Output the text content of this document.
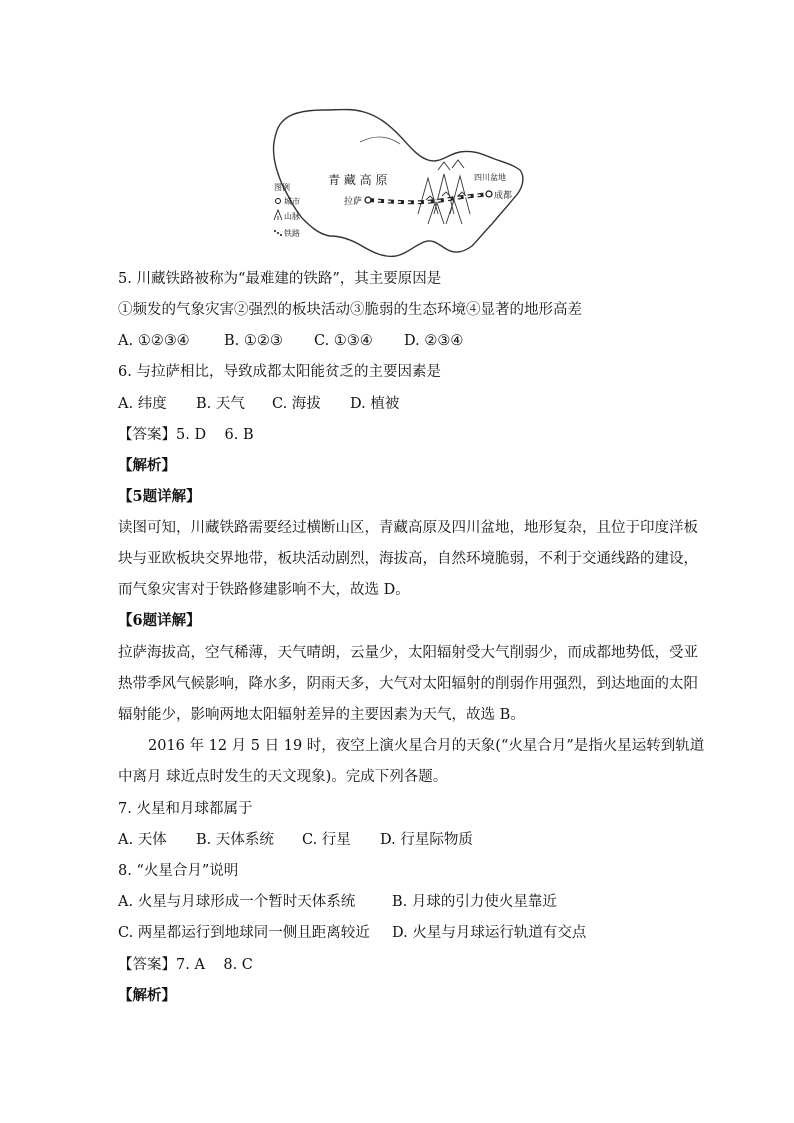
青 藏 高 原	四川盆地
拉萨
成都
图例
城市
山脉
铁路
5. 川藏铁路被称为“最难建的铁路”，其主要原因是
①频发的气象灾害②强烈的板块活动③脆弱的生态环境④显著的地形高差
A. ①②③④ B. ①②③ C. ①③④ D. ②③④
6. 与拉萨相比，导致成都太阳能贫乏的主要因素是
A. 纬度 B. 天气 C. 海拔 D. 植被
【答案】5. D    6. B
【解析】
【5题详解】
读图可知，川藏铁路需要经过横断山区，青藏高原及四川盆地，地形复杂，且位于印度洋板
块与亚欧板块交界地带，板块活动剧烈，海拔高，自然环境脆弱，不利于交通线路的建设，
而气象灾害对于铁路修建影响不大，故选 D。
【6题详解】
拉萨海拔高，空气稀薄，天气晴朗，云量少，太阳辐射受大气削弱少，而成都地势低，受亚
热带季风气候影响，降水多，阴雨天多，大气对太阳辐射的削弱作用强烈，到达地面的太阳
辐射能少，影响两地太阳辐射差异的主要因素为天气，故选 B。
2016 年 12 月 5 日 19 时，夜空上演火星合月的天象(“火星合月”是指火星运转到轨道
中离月 球近点时发生的天文现象)。完成下列各题。
7. 火星和月球都属于
A. 天体 B. 天体系统 C. 行星 D. 行星际物质
8. “火星合月”说明
A. 火星与月球形成一个暂时天体系统	B. 月球的引力使火星靠近
C. 两星都运行到地球同一侧且距离较近 D. 火星与月球运行轨道有交点
【答案】7. A    8. C
【解析】
